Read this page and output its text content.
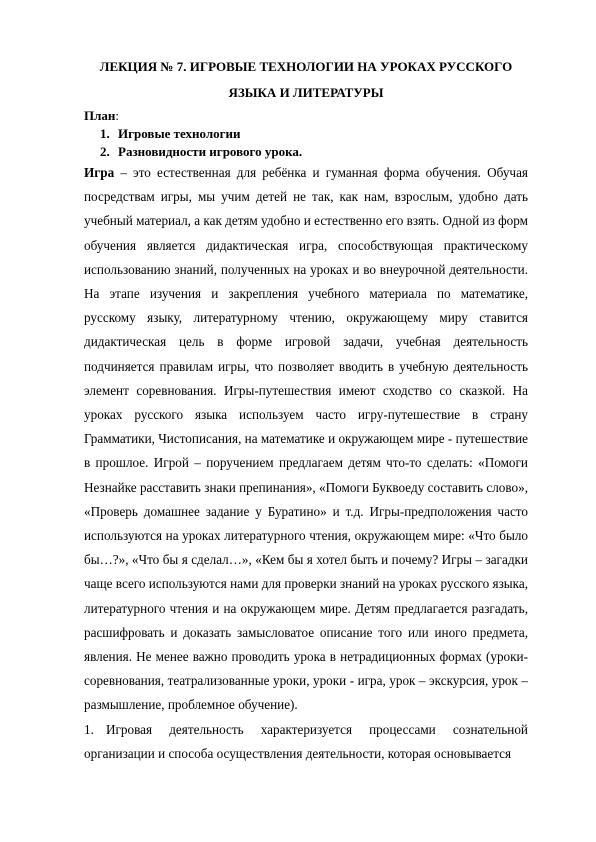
ЛЕКЦИЯ № 7. ИГРОВЫЕ ТЕХНОЛОГИИ НА УРОКАХ РУССКОГО
ЯЗЫКА И ЛИТЕРАТУРЫ

План:

1. Игровые технологии
2. Разновидности игрового урока.

Игра – это естественная для ребёнка и гуманная форма обучения. Обучая посредствам игры, мы учим детей не так, как нам, взрослым, удобно дать учебный материал, а как детям удобно и естественно его взять. Одной из форм обучения является дидактическая игра, способствующая практическому использованию знаний, полученных на уроках и во внеурочной деятельности. На этапе изучения и закрепления учебного материала по математике, русскому языку, литературному чтению, окружающему миру ставится дидактическая цель в форме игровой задачи, учебная деятельность подчиняется правилам игры, что позволяет вводить в учебную деятельность элемент соревнования. Игры-путешествия имеют сходство со сказкой. На уроках русского языка используем часто игру-путешествие в страну Грамматики, Чистописания, на математике и окружающем мире - путешествие в прошлое. Игрой – поручением предлагаем детям что-то сделать: «Помоги Незнайке расставить знаки препинания», «Помоги Буквоеду составить слово», «Проверь домашнее задание у Буратино» и т.д. Игры-предположения часто используются на уроках литературного чтения, окружающем мире: «Что было бы…?», «Что бы я сделал…», «Кем бы я хотел быть и почему? Игры – загадки чаще всего используются нами для проверки знаний на уроках русского языка, литературного чтения и на окружающем мире. Детям предлагается разгадать, расшифровать и доказать замысловатое описание того или иного предмета, явления. Не менее важно проводить урока в нетрадиционных формах (уроки-соревнования, театрализованные уроки, уроки - игра, урок – экскурсия, урок – размышление, проблемное обучение).

1. Игровая деятельность характеризуется процессами сознательной организации и способа осуществления деятельности, которая основывается
